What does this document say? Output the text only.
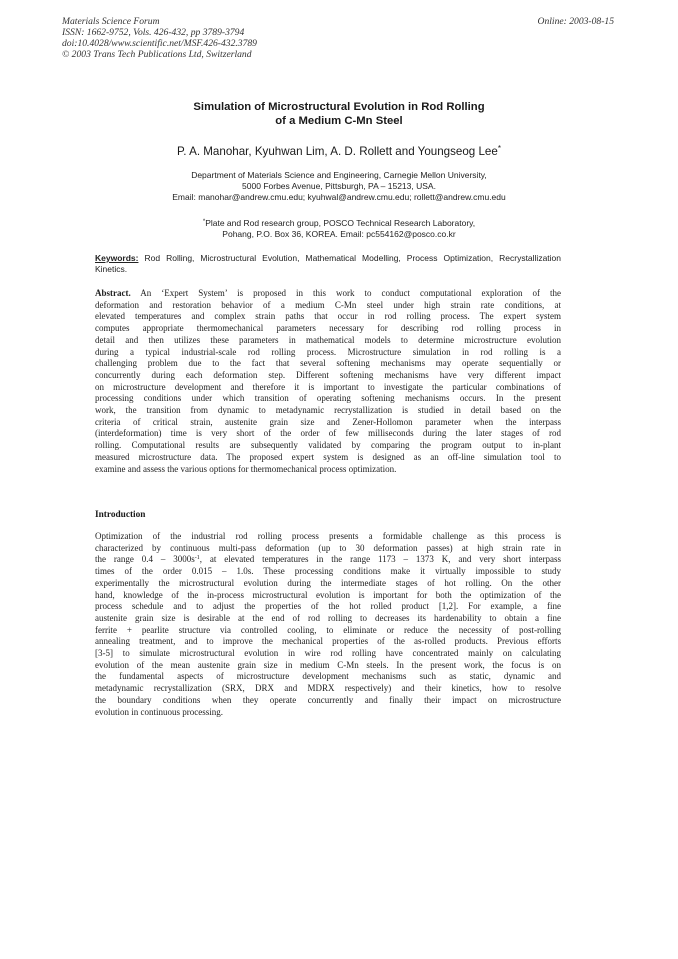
Materials Science Forum
ISSN: 1662-9752, Vols. 426-432, pp 3789-3794
doi:10.4028/www.scientific.net/MSF.426-432.3789
© 2003 Trans Tech Publications Ltd, Switzerland
Online: 2003-08-15
Simulation of Microstructural Evolution in Rod Rolling
of a Medium C-Mn Steel
P. A. Manohar, Kyuhwan Lim, A. D. Rollett and Youngseog Lee*
Department of Materials Science and Engineering, Carnegie Mellon University,
5000 Forbes Avenue, Pittsburgh, PA – 15213, USA.
Email: manohar@andrew.cmu.edu; kyuhwal@andrew.cmu.edu; rollett@andrew.cmu.edu
*Plate and Rod research group, POSCO Technical Research Laboratory,
Pohang, P.O. Box 36, KOREA. Email: pc554162@posco.co.kr
Keywords: Rod Rolling, Microstructural Evolution, Mathematical Modelling, Process Optimization, Recrystallization Kinetics.
Abstract. An ‘Expert System’ is proposed in this work to conduct computational exploration of the
deformation and restoration behavior of a medium C-Mn steel under high strain rate conditions, at
elevated temperatures and complex strain paths that occur in rod rolling process. The expert system
computes appropriate thermomechanical parameters necessary for describing rod rolling process in
detail and then utilizes these parameters in mathematical models to determine microstructure evolution
during a typical industrial-scale rod rolling process. Microstructure simulation in rod rolling is a
challenging problem due to the fact that several softening mechanisms may operate sequentially or
concurrently during each deformation step. Different softening mechanisms have very different impact
on microstructure development and therefore it is important to investigate the particular combinations of
processing conditions under which transition of operating softening mechanisms occurs. In the present
work, the transition from dynamic to metadynamic recrystallization is studied in detail based on the
criteria of critical strain, austenite grain size and Zener-Hollomon parameter when the interpass
(interdeformation) time is very short of the order of few milliseconds during the later stages of rod
rolling. Computational results are subsequently validated by comparing the program output to in-plant
measured microstructure data. The proposed expert system is designed as an off-line simulation tool to
examine and assess the various options for thermomechanical process optimization.
Introduction
Optimization of the industrial rod rolling process presents a formidable challenge as this process is
characterized by continuous multi-pass deformation (up to 30 deformation passes) at high strain rate in
the range $0.4 - 3000s^{-1}$, at elevated temperatures in the range 1173 – 1373 K, and very short interpass
times of the order 0.015 – 1.0s. These processing conditions make it virtually impossible to study
experimentally the microstructural evolution during the intermediate stages of hot rolling. On the other
hand, knowledge of the in-process microstructural evolution is important for both the optimization of the
process schedule and to adjust the properties of the hot rolled product [1,2]. For example, a fine
austenite grain size is desirable at the end of rod rolling to decreases its hardenability to obtain a fine
ferrite + pearlite structure via controlled cooling, to eliminate or reduce the necessity of post-rolling
annealing treatment, and to improve the mechanical properties of the as-rolled products. Previous efforts
[3-5] to simulate microstructural evolution in wire rod rolling have concentrated mainly on calculating
evolution of the mean austenite grain size in medium C-Mn steels. In the present work, the focus is on
the fundamental aspects of microstructure development mechanisms such as static, dynamic and
metadynamic recrystallization (SRX, DRX and MDRX respectively) and their kinetics, how to resolve
the boundary conditions when they operate concurrently and finally their impact on microstructure
evolution in continuous processing.
